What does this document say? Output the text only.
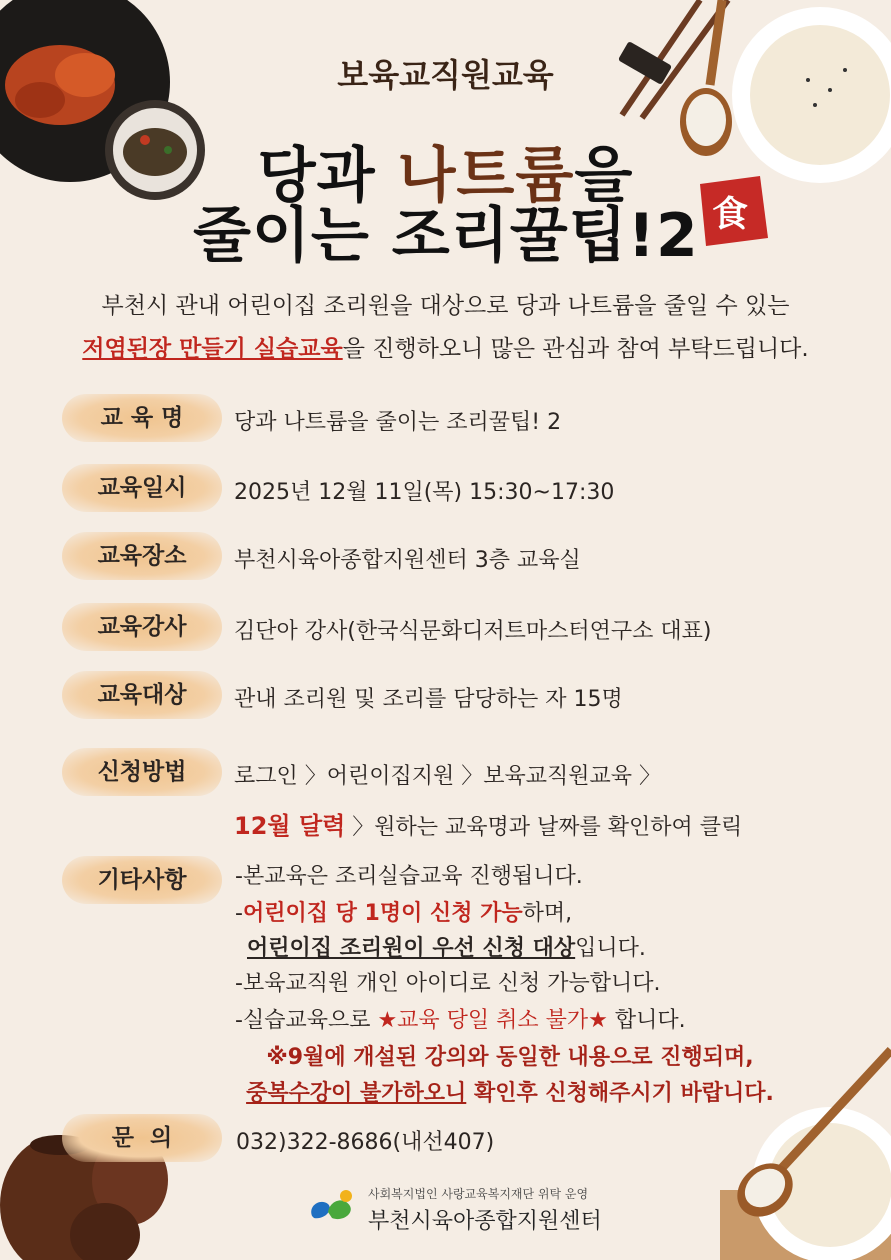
보육교직원교육
당과 나트륨을
줄이는 조리꿀팁!2 食
부천시 관내 어린이집 조리원을 대상으로 당과 나트륨을 줄일 수 있는
저염된장 만들기 실습교육을 진행하오니 많은 관심과 참여 부탁드립니다.
교 육 명	당과 나트륨을 줄이는 조리꿀팁! 2
교육일시	2025년 12월 11일(목) 15:30~17:30
교육장소	부천시육아종합지원센터 3층 교육실
교육강사	김단아 강사(한국식문화디저트마스터연구소 대표)
교육대상	관내 조리원 및 조리를 담당하는 자 15명
신청방법	로그인 〉어린이집지원 〉보육교직원교육 〉
12월 달력 〉원하는 교육명과 날짜를 확인하여 클릭
기타사항	-본교육은 조리실습교육 진행됩니다.
-어린이집 당 1명이 신청 가능하며,
어린이집 조리원이 우선 신청 대상입니다.
-보육교직원 개인 아이디로 신청 가능합니다.
-실습교육으로 ★교육 당일 취소 불가★ 합니다.
※9월에 개설된 강의와 동일한 내용으로 진행되며,
중복수강이 불가하오니 확인후 신청해주시기 바랍니다.
문  의	032)322-8686(내선407)
사회복지법인 사랑교육복지재단 위탁 운영
부천시육아종합지원센터
